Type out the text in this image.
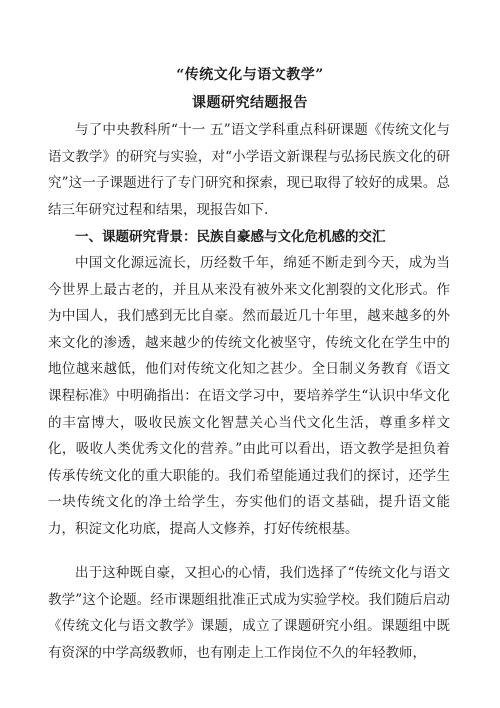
“传统文化与语文教学”
课题研究结题报告
与了中央教科所“十一 五”语文学科重点科研课题《传统文化与语文教学》的研究与实验，对“小学语文新课程与弘扬民族文化的研究”这一子课题进行了专门研究和探索，现已取得了较好的成果。总结三年研究过程和结果，现报告如下.
一、课题研究背景：民族自豪感与文化危机感的交汇
中国文化源远流长，历经数千年，绵延不断走到今天，成为当今世界上最古老的，并且从来没有被外来文化割裂的文化形式。作为中国人，我们感到无比自豪。然而最近几十年里，越来越多的外来文化的渗透，越来越少的传统文化被坚守，传统文化在学生中的地位越来越低，他们对传统文化知之甚少。全日制义务教育《语文课程标准》中明确指出：在语文学习中，要培养学生“认识中华文化的丰富博大，吸收民族文化智慧关心当代文化生活，尊重多样文化，吸收人类优秀文化的营养。”由此可以看出，语文教学是担负着传承传统文化的重大职能的。我们希望能通过我们的探讨，还学生一块传统文化的净土给学生，夯实他们的语文基础，提升语文能力，积淀文化功底，提高人文修养，打好传统根基。
出于这种既自豪，又担心的心情，我们选择了“传统文化与语文教学”这个论题。经市课题组批准正式成为实验学校。我们随后启动《传统文化与语文教学》课题，成立了课题研究小组。课题组中既有资深的中学高级教师，也有刚走上工作岗位不久的年轻教师，
